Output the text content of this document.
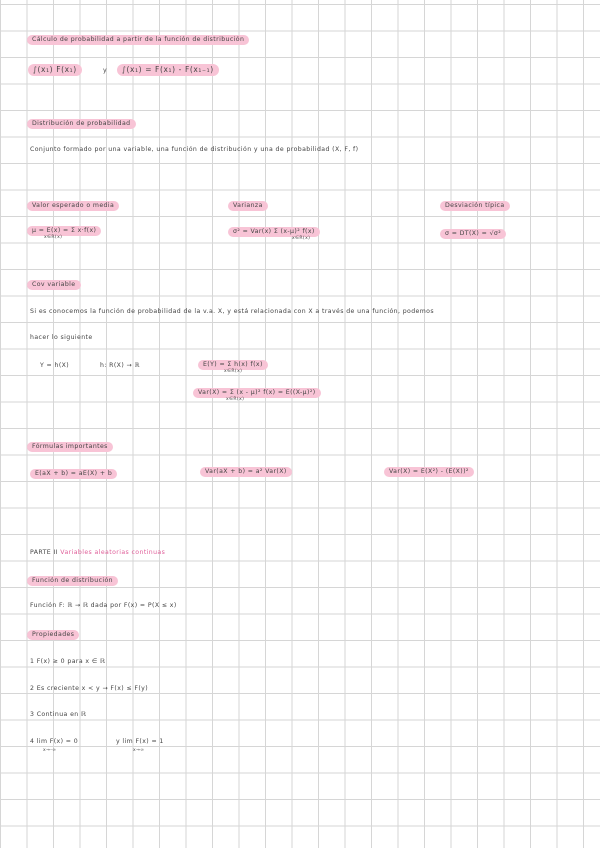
Cálculo de probabilidad a partir de la función de distribución
∫(x₁) F(x₁)	y	∫(x₁) = F(x₁) - F(x₁₋₁)
Distribución de probabilidad
Conjunto formado por una variable, una función de distribución y una de probabilidad (X, F, f)
Valor esperado o media
μ = E(x) = Σ x·f(x)
x∈R(x)
Varianza
σ² = Var(x) Σ (x-μ)² f(x)
x∈R(x)
Desviación típica
σ = DT(X) = √σ²
Cov variable
Si es conocemos la función de probabilidad de la v.a. X, y está relacionada con X a través de una función, podemos
hacer lo siguiente
Y = h(X)	h: R(X) → ℝ	E(Y) = Σ h(x) f(x)
x∈R(x)
Var(X) = Σ (x - μ)² f(x) = E((X-μ)²)
x∈R(x)
Fórmulas importantes
E(aX + b) = aE(X) + b	Var(aX + b) = a² Var(X)	Var(X) = E(X²) - (E(X))²
PARTE II Variables aleatorias continuas
Función de distribución
Función F: ℝ → ℝ dada por F(x) = P(X ≤ x)
Propiedades
1 F(x) ≥ 0 para x ∈ ℝ
2 Es creciente x < y → F(x) ≤ F(y)
3 Continua en ℝ
4 lim F(x) = 0
x→-∞
y lim F(x) = 1
x→∞
